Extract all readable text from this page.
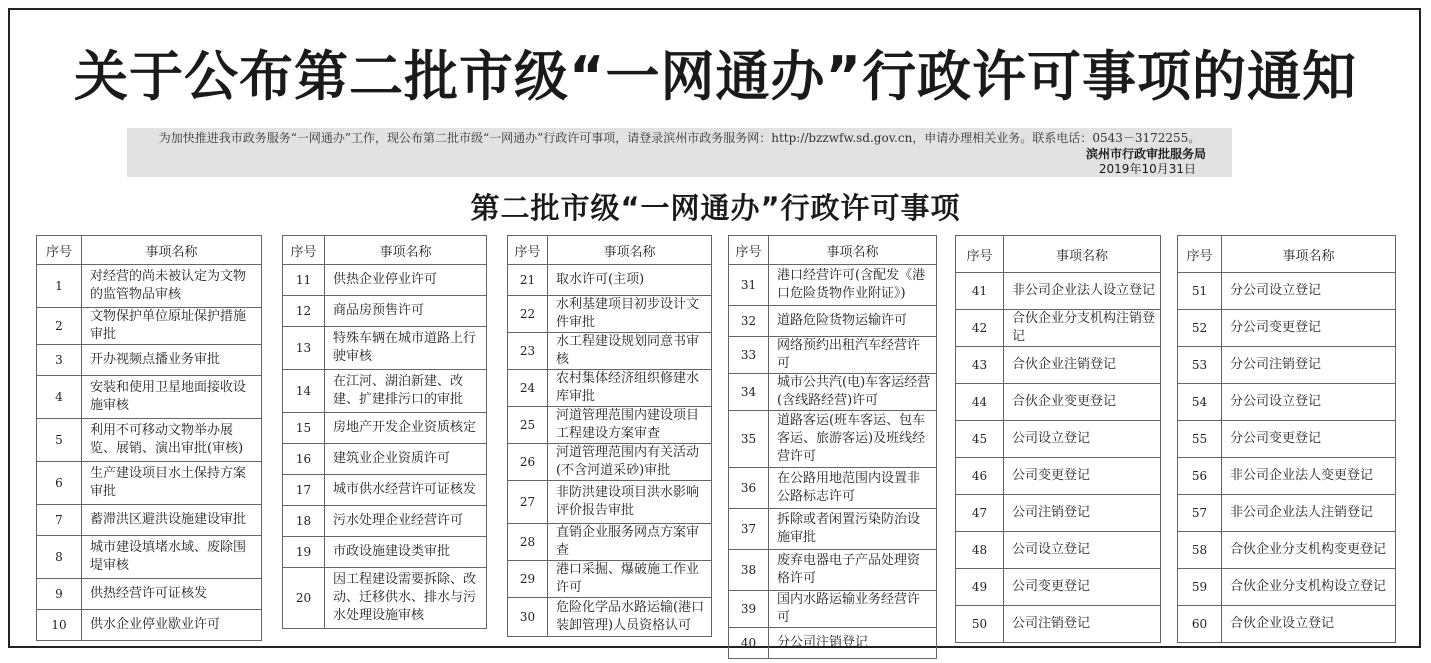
关于公布第二批市级“一网通办”行政许可事项的通知
为加快推进我市政务服务“一网通办”工作，现公布第二批市级“一网通办”行政许可事项，请登录滨州市政务服务网：http://bzzwfw.sd.gov.cn，申请办理相关业务。联系电话：0543－3172255。
滨州市行政审批服务局
2019年10月31日
第二批市级“一网通办”行政许可事项
序号	事项名称
1	对经营的尚未被认定为文物的监管物品审核
2	文物保护单位原址保护措施审批
3	开办视频点播业务审批
4	安装和使用卫星地面接收设施审核
5	利用不可移动文物举办展览、展销、演出审批(审核)
6	生产建设项目水土保持方案审批
7	蓄滞洪区避洪设施建设审批
8	城市建设填堵水域、废除围堤审核
9	供热经营许可证核发
10	供水企业停业歇业许可
序号	事项名称
11	供热企业停业许可
12	商品房预售许可
13	特殊车辆在城市道路上行驶审核
14	在江河、湖泊新建、改建、扩建排污口的审批
15	房地产开发企业资质核定
16	建筑业企业资质许可
17	城市供水经营许可证核发
18	污水处理企业经营许可
19	市政设施建设类审批
20	因工程建设需要拆除、改动、迁移供水、排水与污水处理设施审核
序号	事项名称
21	取水许可(主项)
22	水利基建项目初步设计文件审批
23	水工程建设规划同意书审核
24	农村集体经济组织修建水库审批
25	河道管理范围内建设项目工程建设方案审查
26	河道管理范围内有关活动(不含河道采砂)审批
27	非防洪建设项目洪水影响评价报告审批
28	直销企业服务网点方案审查
29	港口采掘、爆破施工作业许可
30	危险化学品水路运输(港口装卸管理)人员资格认可
序号	事项名称
31	港口经营许可(含配发《港口危险货物作业附证》)
32	道路危险货物运输许可
33	网络预约出租汽车经营许可
34	城市公共汽(电)车客运经营(含线路经营)许可
35	道路客运(班车客运、包车客运、旅游客运)及班线经营许可
36	在公路用地范围内设置非公路标志许可
37	拆除或者闲置污染防治设施审批
38	废弃电器电子产品处理资格许可
39	国内水路运输业务经营许可
40	分公司注销登记
序号	事项名称
41	非公司企业法人设立登记
42	合伙企业分支机构注销登记
43	合伙企业注销登记
44	合伙企业变更登记
45	公司设立登记
46	公司变更登记
47	公司注销登记
48	公司设立登记
49	公司变更登记
50	公司注销登记
序号	事项名称
51	分公司设立登记
52	分公司变更登记
53	分公司注销登记
54	分公司设立登记
55	分公司变更登记
56	非公司企业法人变更登记
57	非公司企业法人注销登记
58	合伙企业分支机构变更登记
59	合伙企业分支机构设立登记
60	合伙企业设立登记
